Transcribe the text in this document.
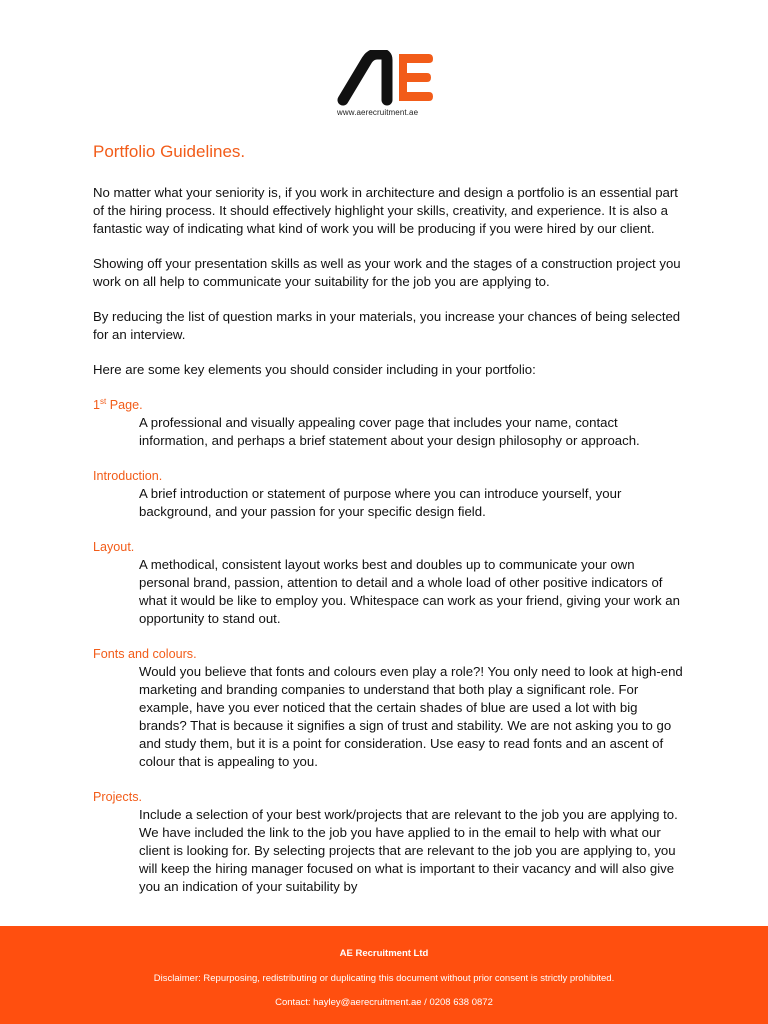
www.aerecruitment.ae
Portfolio Guidelines.

No matter what your seniority is, if you work in architecture and design a portfolio is an essential part of the hiring process. It should effectively highlight your skills, creativity, and experience. It is also a fantastic way of indicating what kind of work you will be producing if you were hired by our client.

Showing off your presentation skills as well as your work and the stages of a construction project you work on all help to communicate your suitability for the job you are applying to.

By reducing the list of question marks in your materials, you increase your chances of being selected for an interview.

Here are some key elements you should consider including in your portfolio:

1st Page.
A professional and visually appealing cover page that includes your name, contact information, and perhaps a brief statement about your design philosophy or approach.
Introduction.
A brief introduction or statement of purpose where you can introduce yourself, your background, and your passion for your specific design field.
Layout.
A methodical, consistent layout works best and doubles up to communicate your own personal brand, passion, attention to detail and a whole load of other positive indicators of what it would be like to employ you. Whitespace can work as your friend, giving your work an opportunity to stand out.
Fonts and colours.
Would you believe that fonts and colours even play a role?! You only need to look at high-end marketing and branding companies to understand that both play a significant role. For example, have you ever noticed that the certain shades of blue are used a lot with big brands? That is because it signifies a sign of trust and stability. We are not asking you to go and study them, but it is a point for consideration. Use easy to read fonts and an ascent of colour that is appealing to you.
Projects.
Include a selection of your best work/projects that are relevant to the job you are applying to. We have included the link to the job you have applied to in the email to help with what our client is looking for. By selecting projects that are relevant to the job you are applying to, you will keep the hiring manager focused on what is important to their vacancy and will also give you an indication of your suitability by
AE Recruitment Ltd
Disclaimer: Repurposing, redistributing or duplicating this document without prior consent is strictly prohibited.
Contact: hayley@aerecruitment.ae / 0208 638 0872
